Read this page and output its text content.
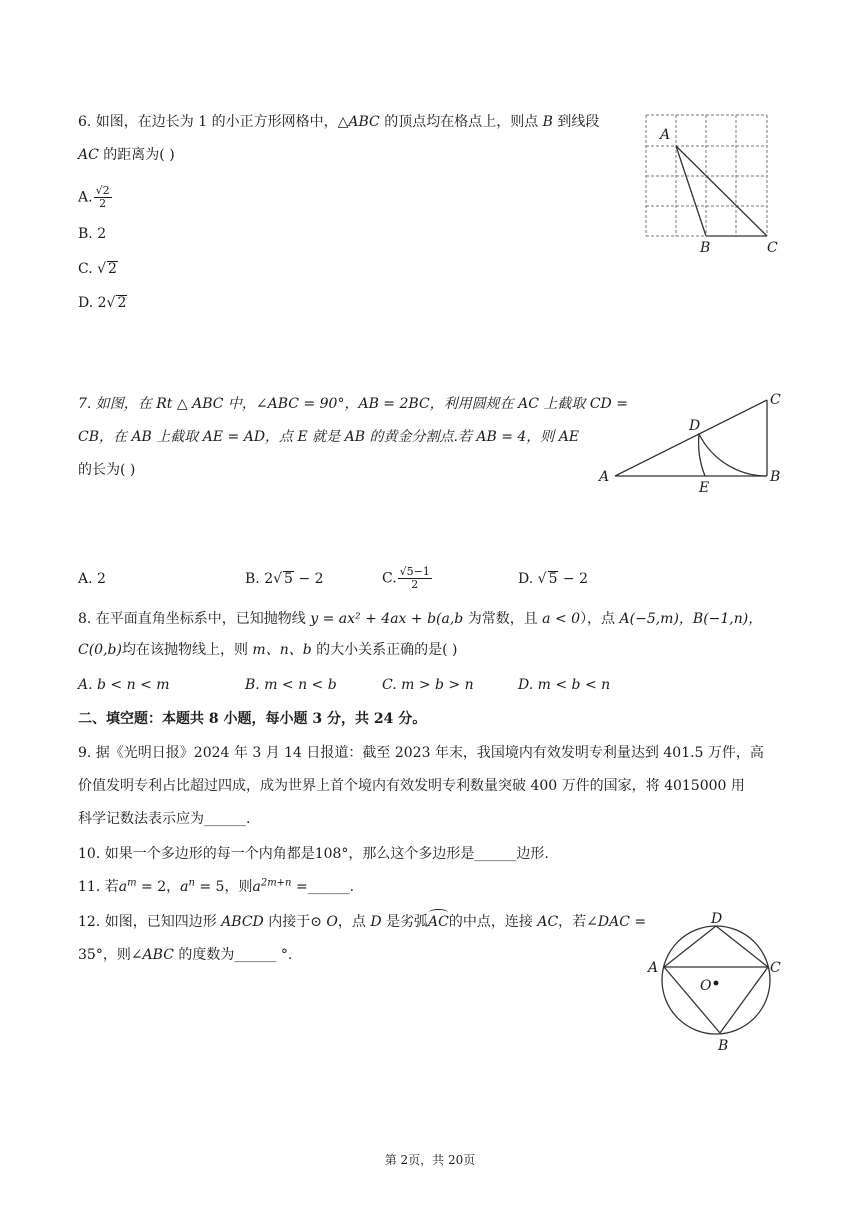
6. 如图，在边长为 1 的小正方形网格中，△ABC 的顶点均在格点上，则点 B 到线段
AC 的距离为( )
A. $\frac{√2}{2}$
B. 2
C. √ 2
D. 2√ 2
A
B	C
7. 如图，在 Rt △ ABC 中，∠ABC = 90°，AB = 2BC，利用圆规在 AC 上截取 CD =
CB，在 AB 上截取 AE = AD，点 E 就是 AB 的黄金分割点.若 AB = 4，则 AE
的长为( )	A	B
C
D
E
A. 2	B. 2√ 5 − 2	C. $\frac{√5-1}{2}$	D. √ 5 − 2
8. 在平面直角坐标系中，已知抛物线 y = ax² + 4ax + b(a,b 为常数，且 a < 0），点 A(−5,m)，B(−1,n)，
C(0,b)均在该抛物线上，则 m、n、b 的大小关系正确的是( )
A. b < n < m	B. m < n < b	C. m > b > n	D. m < b < n
二、填空题：本题共 8 小题，每小题 3 分，共 24 分。
9. 据《光明日报》2024 年 3 月 14 日报道：截至 2023 年末，我国境内有效发明专利量达到 401.5 万件，高
价值发明专利占比超过四成，成为世界上首个境内有效发明专利数量突破 400 万件的国家，将 4015000 用
科学记数法表示应为______.
10. 如果一个多边形的每一个内角都是108°，那么这个多边形是______边形.
11. 若$a^m = 2$，$a^n = 5$，则$a^{2m+n}$ =______.
12. 如图，已知四边形 ABCD 内接于⊙ O，点 D 是劣弧
AC的中点，连接 AC，若∠DAC =
35°，则∠ABC 的度数为______ °.
A
B
C
D
O
第 2页，共 20页
